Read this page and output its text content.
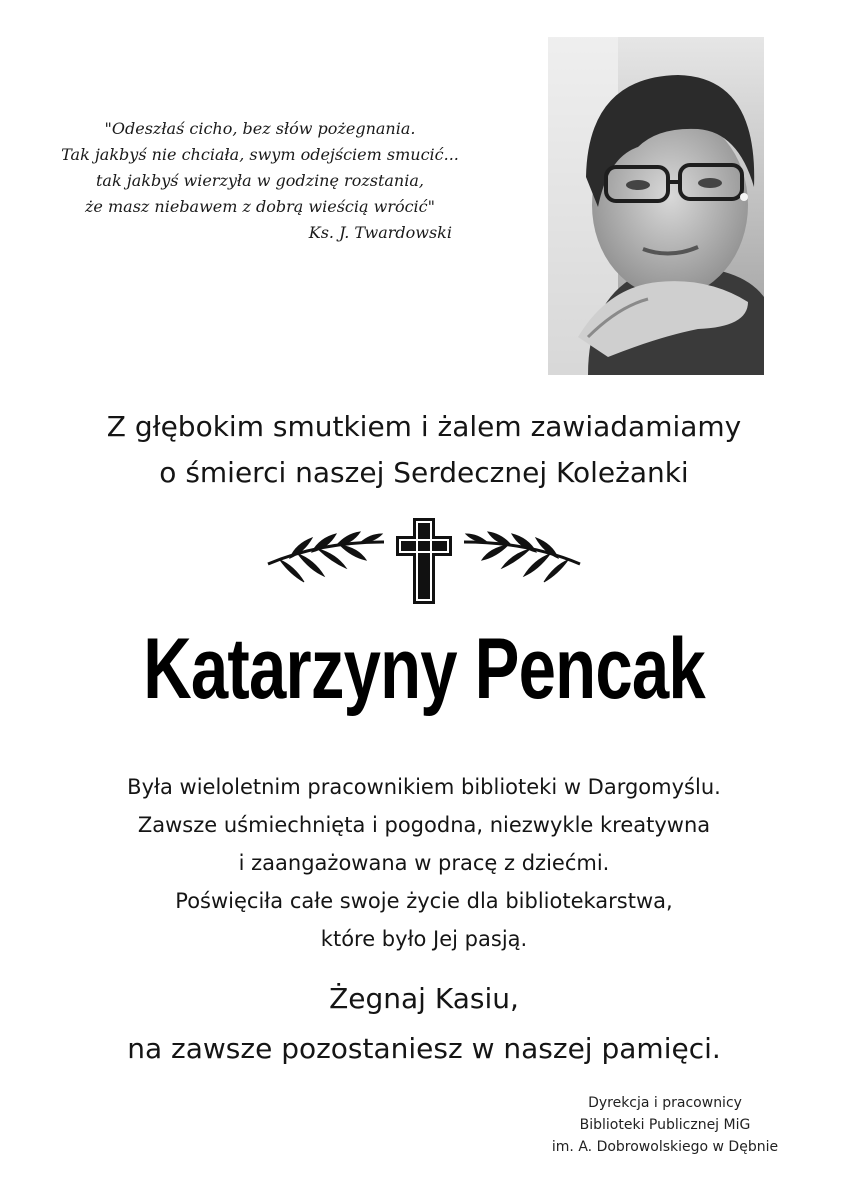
"Odeszłaś cicho, bez słów pożegnania.
Tak jakbyś nie chciała, swym odejściem smucić...
tak jakbyś wierzyła w godzinę rozstania,
że masz niebawem z dobrą wieścią wrócić"
Ks. J. Twardowski
Z głębokim smutkiem i żalem zawiadamiamy
o śmierci naszej Serdecznej Koleżanki
Katarzyny Pencak
Była wieloletnim pracownikiem biblioteki w Dargomyślu.
Zawsze uśmiechnięta i pogodna, niezwykle kreatywna
i zaangażowana w pracę z dziećmi.
Poświęciła całe swoje życie dla bibliotekarstwa,
które było Jej pasją.
Żegnaj Kasiu,
na zawsze pozostaniesz w naszej pamięci.
Dyrekcja i pracownicy
Biblioteki Publicznej MiG
im. A. Dobrowolskiego w Dębnie
